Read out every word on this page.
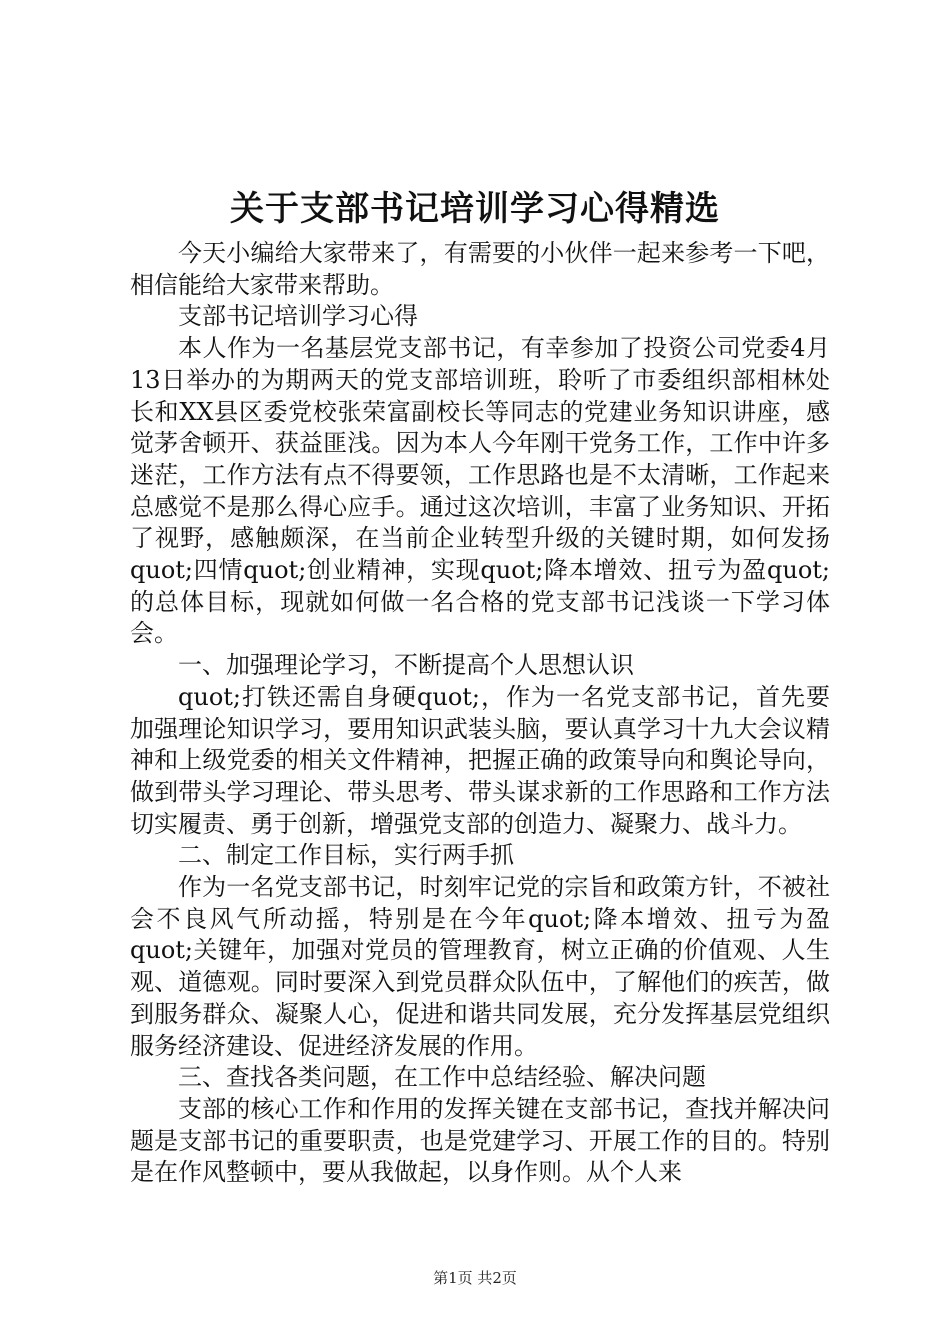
关于支部书记培训学习心得精选

今天小编给大家带来了，有需要的小伙伴一起来参考一下吧，相信能给大家带来帮助。

支部书记培训学习心得

本人作为一名基层党支部书记，有幸参加了投资公司党委4月13日举办的为期两天的党支部培训班，聆听了市委组织部相林处长和XX县区委党校张荣富副校长等同志的党建业务知识讲座，感觉茅舍顿开、获益匪浅。因为本人今年刚干党务工作，工作中许多迷茫，工作方法有点不得要领，工作思路也是不太清晰，工作起来总感觉不是那么得心应手。通过这次培训，丰富了业务知识、开拓了视野，感触颇深，在当前企业转型升级的关键时期，如何发扬quot;四情quot;创业精神，实现quot;降本增效、扭亏为盈quot;的总体目标，现就如何做一名合格的党支部书记浅谈一下学习体会。

一、加强理论学习，不断提高个人思想认识

quot;打铁还需自身硬quot;，作为一名党支部书记，首先要加强理论知识学习，要用知识武装头脑，要认真学习十九大会议精神和上级党委的相关文件精神，把握正确的政策导向和舆论导向，做到带头学习理论、带头思考、带头谋求新的工作思路和工作方法切实履责、勇于创新，增强党支部的创造力、凝聚力、战斗力。

二、制定工作目标，实行两手抓

作为一名党支部书记，时刻牢记党的宗旨和政策方针，不被社会不良风气所动摇，特别是在今年quot;降本增效、扭亏为盈quot;关键年，加强对党员的管理教育，树立正确的价值观、人生观、道德观。同时要深入到党员群众队伍中，了解他们的疾苦，做到服务群众、凝聚人心，促进和谐共同发展，充分发挥基层党组织服务经济建设、促进经济发展的作用。

三、查找各类问题，在工作中总结经验、解决问题

支部的核心工作和作用的发挥关键在支部书记，查找并解决问题是支部书记的重要职责，也是党建学习、开展工作的目的。特别是在作风整顿中，要从我做起，以身作则。从个人来

第1页 共2页
